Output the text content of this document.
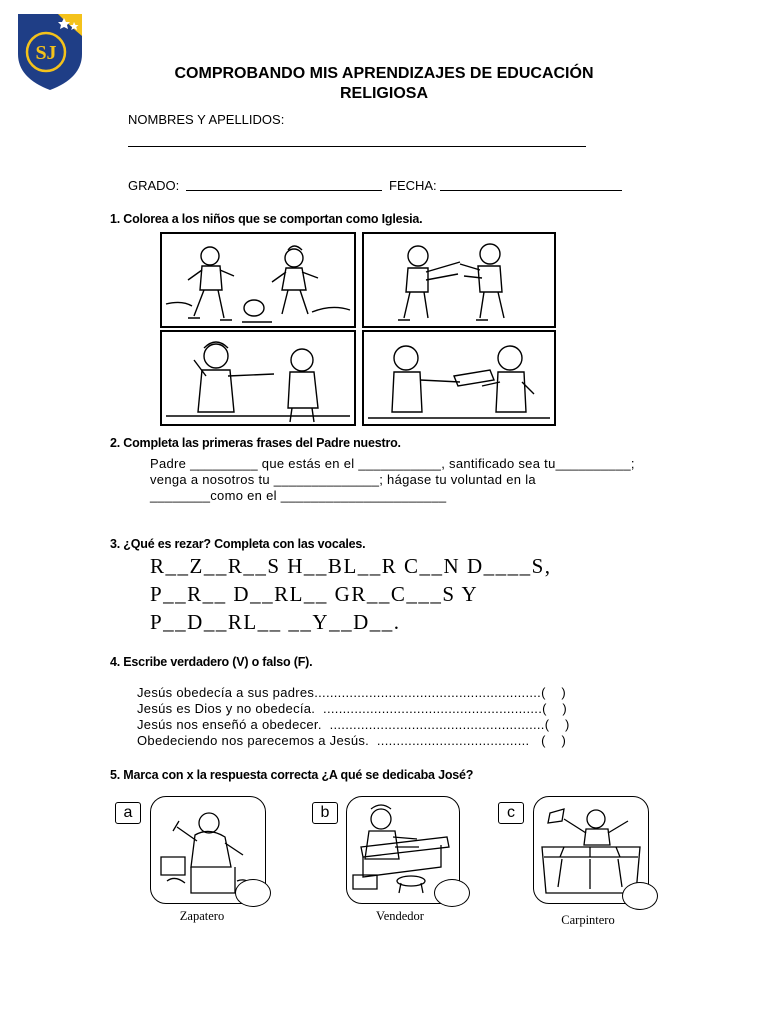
SJ
COMPROBANDO MIS APRENDIZAJES DE EDUCACIÓN
RELIGIOSA
NOMBRES Y APELLIDOS:
GRADO:	FECHA:
1. Colorea a los niños que se comportan como Iglesia.
2. Completa las primeras frases del Padre nuestro.
Padre _________ que estás en el ___________, santificado sea tu__________;
venga a nosotros tu ______________; hágase tu voluntad en la
________como en el ______________________
3. ¿Qué es rezar? Completa con las vocales.
R__Z__R__S H__BL__R C__N D____S,
P__R__ D__RL__ GR__C___S Y
P__D__RL__ __Y__D__.
4. Escribe verdadero (V) o falso (F).
Jesús obedecía a sus padres..........................................................(    )
Jesús es Dios y no obedecía.  ........................................................(    )
Jesús nos enseñó a obedecer.  .......................................................(    )
Obedeciendo nos parecemos a Jesús.  .......................................   (    )
5. Marca con x la respuesta correcta ¿A qué se dedicaba José?
a
Zapatero
b
Vendedor
c
Carpintero
